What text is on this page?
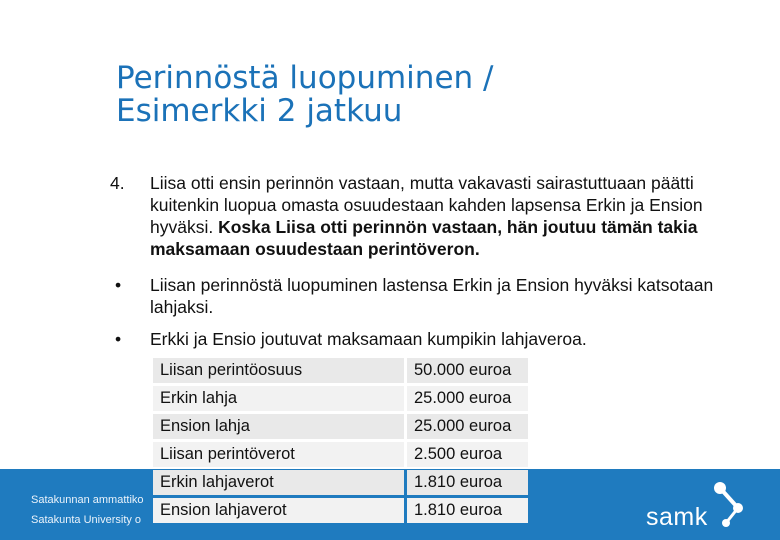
Perinnöstä luopuminen /
Esimerkki 2 jatkuu
4.	Liisa otti ensin perinnön vastaan, mutta vakavasti sairastuttuaan päätti kuitenkin luopua omasta osuudestaan kahden lapsensa Erkin ja Ension hyväksi. Koska Liisa otti perinnön vastaan, hän joutuu tämän takia maksamaan osuudestaan perintöveron.
•	Liisan perinnöstä luopuminen lastensa Erkin ja Ension hyväksi katsotaan lahjaksi.
•	Erkki ja Ensio joutuvat maksamaan kumpikin lahjaveroa.
Satakunnan ammattiko
Satakunta University o	samk
Liisan perintöosuus	50.000 euroa
Erkin lahja	25.000 euroa
Ension lahja	25.000 euroa
Liisan perintöverot	2.500 euroa
Erkin lahjaverot	1.810 euroa
Ension lahjaverot	1.810 euroa
